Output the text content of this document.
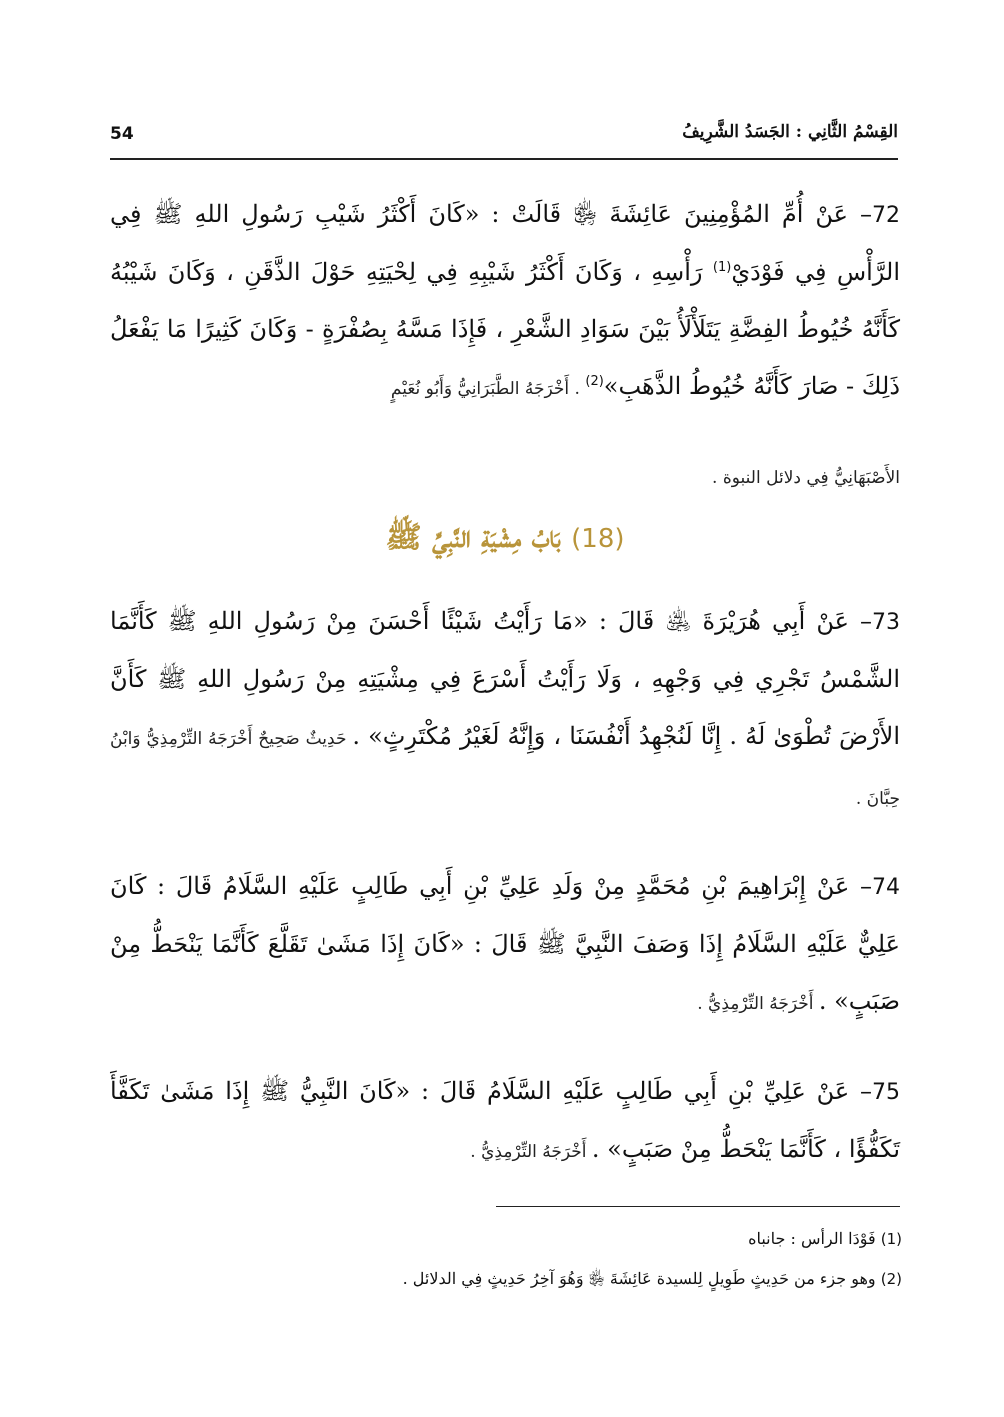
54	القِسْمُ الثَّانِي : الجَسَدُ الشَّرِيفُ

72– عَنْ أُمِّ المُؤْمِنِينَ عَائِشَةَ ﵂ قَالَتْ : «كَانَ أَكْثَرُ شَيْبِ رَسُولِ اللهِ ﷺ فِي الرَّأْسِ فِي فَوْدَيْ$^{(1)}$ رَأْسِهِ ، وَكَانَ أَكْثَرُ شَيْبِهِ فِي لِحْيَتِهِ حَوْلَ الذَّقَنِ ، وَكَانَ شَيْبُهُ كَأَنَّهُ خُيُوطُ الفِضَّةِ يَتَلَأْلَأُ بَيْنَ سَوَادِ الشَّعْرِ ، فَإِذَا مَسَّهُ بِصُفْرَةٍ - وَكَانَ كَثِيرًا مَا يَفْعَلُ ذَلِكَ - صَارَ كَأَنَّهُ خُيُوطُ الذَّهَبِ»$^{(2)}$ . أَخْرَجَهُ الطَّبَرَانِيُّ وَأَبُو نُعَيْمٍ

الأَصْبَهَانِيُّ فِي دلائل النبوة .

(18) بَابُ مِشْيَةِ النَّبِيِّ ﷺ

73– عَنْ أَبِي هُرَيْرَةَ ﵁ قَالَ : «مَا رَأَيْتُ شَيْئًا أَحْسَنَ مِنْ رَسُولِ اللهِ ﷺ كَأَنَّمَا الشَّمْسُ تَجْرِي فِي وَجْهِهِ ، وَلَا رَأَيْتُ أَسْرَعَ فِي مِشْيَتِهِ مِنْ رَسُولِ اللهِ ﷺ كَأَنَّ الأَرْضَ تُطْوَىٰ لَهُ . إِنَّا لَنُجْهِدُ أَنْفُسَنَا ، وَإِنَّهُ لَغَيْرُ مُكْتَرِثٍ» . حَدِيثٌ صَحِيحٌ أَخْرَجَهُ التِّرْمِذِيُّ وَابْنُ حِبَّانَ .

74– عَنْ إِبْرَاهِيمَ بْنِ مُحَمَّدٍ مِنْ وَلَدِ عَلِيِّ بْنِ أَبِي طَالِبٍ عَلَيْهِ السَّلَامُ قَالَ : كَانَ عَلِيٌّ عَلَيْهِ السَّلَامُ إِذَا وَصَفَ النَّبِيَّ ﷺ قَالَ : «كَانَ إِذَا مَشَىٰ تَقَلَّعَ كَأَنَّمَا يَنْحَطُّ مِنْ صَبَبٍ» . أَخْرَجَهُ التِّرْمِذِيُّ .

75– عَنْ عَلِيِّ بْنِ أَبِي طَالِبٍ عَلَيْهِ السَّلَامُ قَالَ : «كَانَ النَّبِيُّ ﷺ إِذَا مَشَىٰ تَكَفَّأَ تَكَفُّؤًا ، كَأَنَّمَا يَنْحَطُّ مِنْ صَبَبٍ» . أَخْرَجَهُ التِّرْمِذِيُّ .

(1) فَوْدَا الرأس : جانباه

(2) وهو جزء من حَدِيثٍ طَوِيلٍ لِلسيدة عَائِشَةَ ﵂ وَهُوَ آخِرُ حَدِيثٍ فِي الدلائل .
